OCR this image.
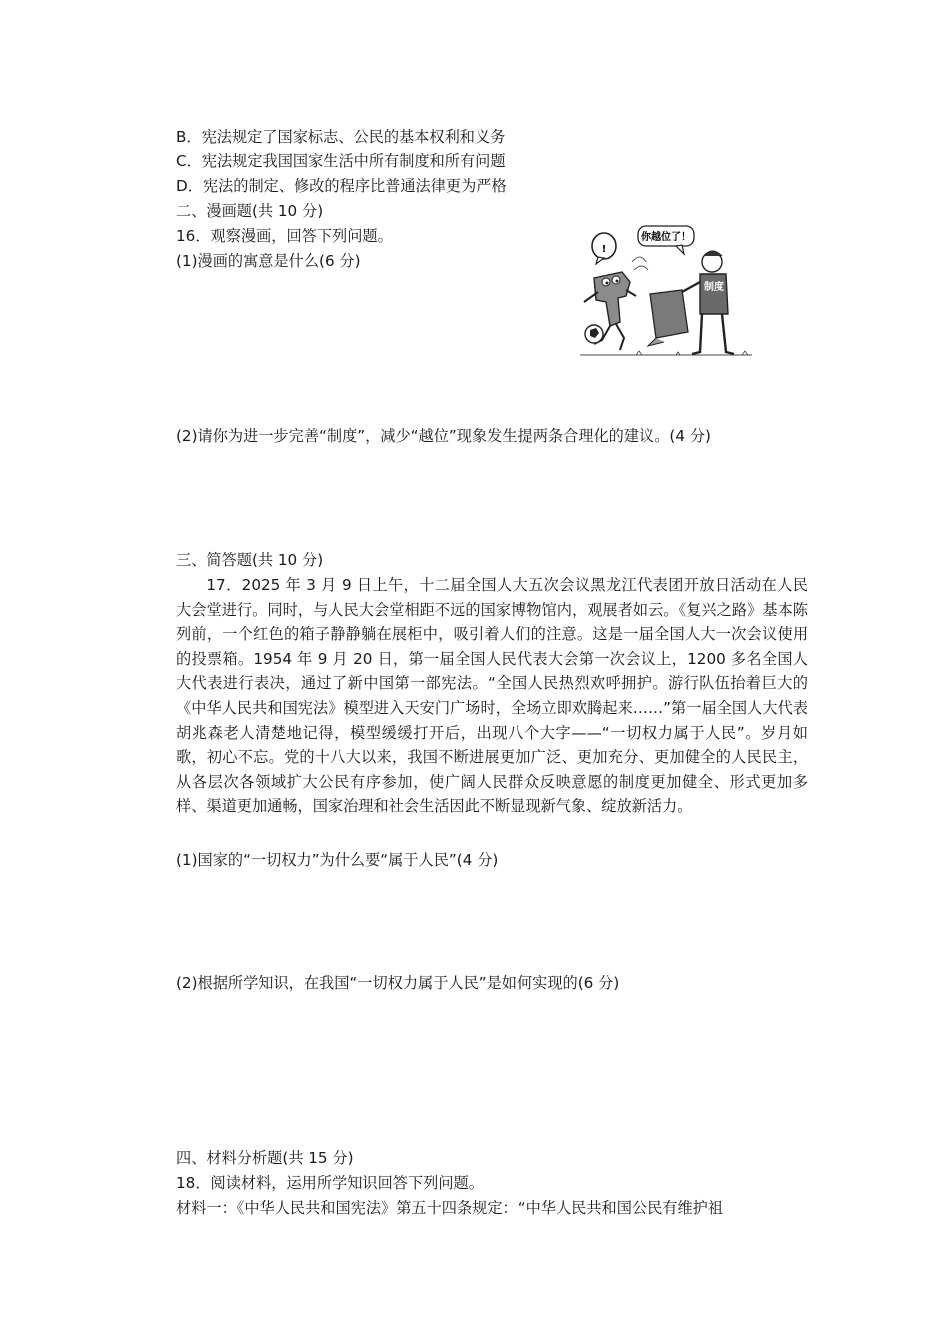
B．宪法规定了国家标志、公民的基本权利和义务
C．宪法规定我国国家生活中所有制度和所有问题
D．宪法的制定、修改的程序比普通法律更为严格
二、漫画题(共 10 分)
16．观察漫画，回答下列问题。
(1)漫画的寓意是什么(6 分)
!
你越位了！
制度
(2)请你为进一步完善“制度”，减少“越位”现象发生提两条合理化的建议。(4 分)
三、简答题(共 10 分)
17．2025 年 3 月 9 日上午，十二届全国人大五次会议黑龙江代表团开放日活动在人民大会堂进行。同时，与人民大会堂相距不远的国家博物馆内，观展者如云。《复兴之路》基本陈列前，一个红色的箱子静静躺在展柜中，吸引着人们的注意。这是一届全国人大一次会议使用的投票箱。1954 年 9 月 20 日，第一届全国人民代表大会第一次会议上，1200 多名全国人大代表进行表决，通过了新中国第一部宪法。“全国人民热烈欢呼拥护。游行队伍抬着巨大的《中华人民共和国宪法》模型进入天安门广场时，全场立即欢腾起来……”第一届全国人大代表胡兆森老人清楚地记得，模型缓缓打开后，出现八个大字——“一切权力属于人民”。岁月如歌，初心不忘。党的十八大以来，我国不断进展更加广泛、更加充分、更加健全的人民民主，从各层次各领域扩大公民有序参加，使广阔人民群众反映意愿的制度更加健全、形式更加多样、渠道更加通畅，国家治理和社会生活因此不断显现新气象、绽放新活力。
(1)国家的“一切权力”为什么要“属于人民”(4 分)
(2)根据所学知识，在我国“一切权力属于人民”是如何实现的(6 分)
四、材料分析题(共 15 分)
18．阅读材料，运用所学知识回答下列问题。
材料一：《中华人民共和国宪法》第五十四条规定：“中华人民共和国公民有维护祖
